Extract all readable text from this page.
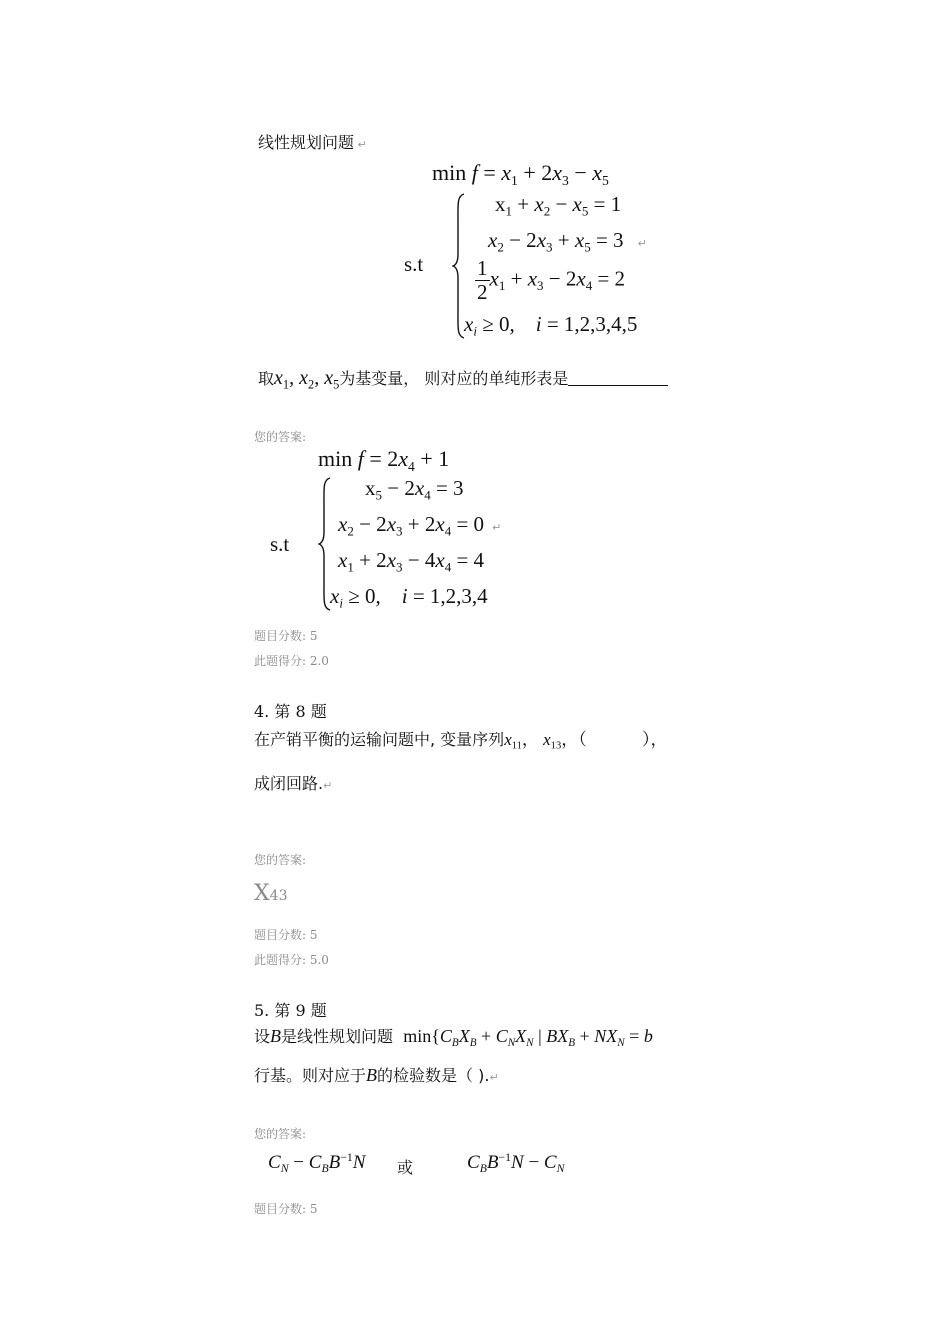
线性规划问题 ↵
$\min f = x_1 + 2x_3 - x_5$
s.t
$x_1 + x_2 - x_5 = 1$
$x_2 - 2x_3 + x_5 = 3$ ↵
$\frac{1}{2} x_1 + x_3 - 2x_4 = 2$
$x_i \ge 0$,    i = 1,2,3,4,5
取$x_1$, $x_2$, $x_5$为基变量， 则对应的单纯形表是
您的答案:
$\min f = 2x_4 + 1$
s.t
$x_5 - 2x_4 = 3$
$x_2 - 2x_3 + 2x_4 = 0$ ↵
$x_1 + 2x_3 - 4x_4 = 4$
$x_i \ge 0$,    i = 1,2,3,4
题目分数: 5
此题得分: 2.0
4. 第 8 题
在产销平衡的运输问题中, 变量序列$x_{11}$， $x_{13}$，（             ），
成闭回路.↵
您的答案:
X43
题目分数: 5
此题得分: 5.0
5. 第 9 题
设B是线性规划问题 $\min\{C_BX_B + C_NX_N$ | $BX_B + NX_N = b$
行基。则对应于B的检验数是（ ).↵
您的答案:
$C_N - C_BB^{-1}N$ 或	$C_BB^{-1}N - C_N$
题目分数: 5
